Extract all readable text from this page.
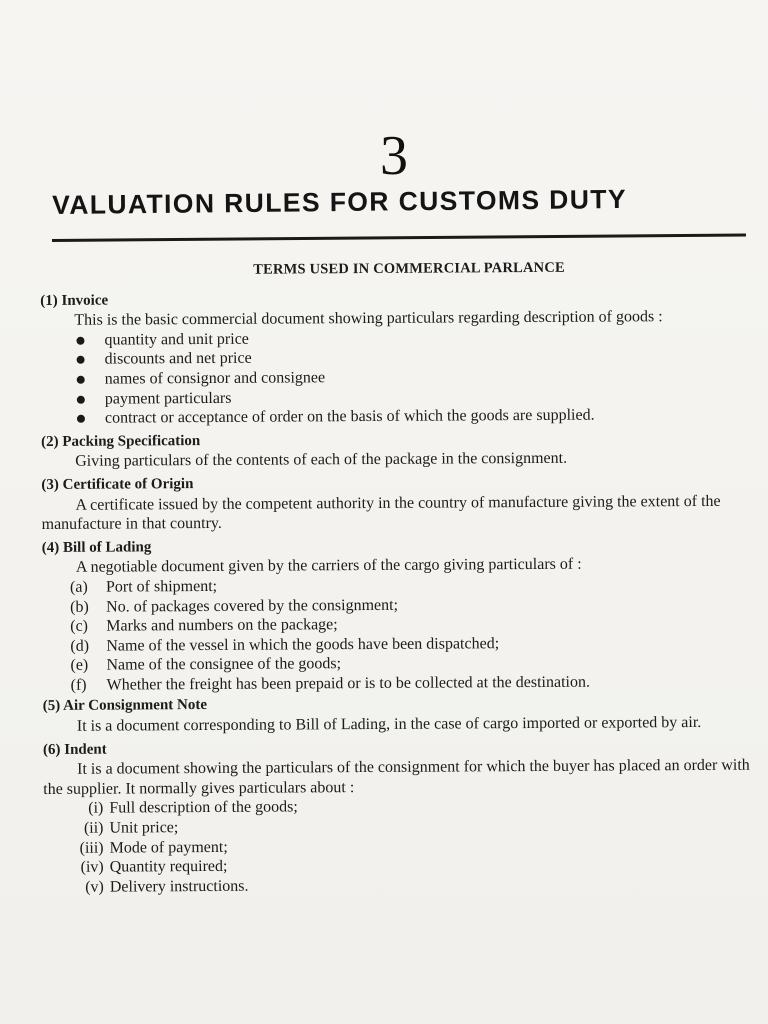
3
VALUATION RULES FOR CUSTOMS DUTY
TERMS USED IN COMMERCIAL PARLANCE
(1) Invoice

This is the basic commercial document showing particulars regarding description of goods :

quantity and unit price
discounts and net price
names of consignor and consignee
payment particulars
contract or acceptance of order on the basis of which the goods are supplied.
(2) Packing Specification

Giving particulars of the contents of each of the package in the consignment.

(3) Certificate of Origin

A certificate issued by the competent authority in the country of manufacture giving the extent of the manufacture in that country.

(4) Bill of Lading

A negotiable document given by the carriers of the cargo giving particulars of :

(a)	Port of shipment;
(b)	No. of packages covered by the consignment;
(c)	Marks and numbers on the package;
(d)	Name of the vessel in which the goods have been dispatched;
(e)	Name of the consignee of the goods;
(f)	Whether the freight has been prepaid or is to be collected at the destination.
(5) Air Consignment Note

It is a document corresponding to Bill of Lading, in the case of cargo imported or exported by air.

(6) Indent

It is a document showing the particulars of the consignment for which the buyer has placed an order with the supplier. It normally gives particulars about :

(i) Full description of the goods;
(ii) Unit price;
(iii) Mode of payment;
(iv) Quantity required;
(v) Delivery instructions.
